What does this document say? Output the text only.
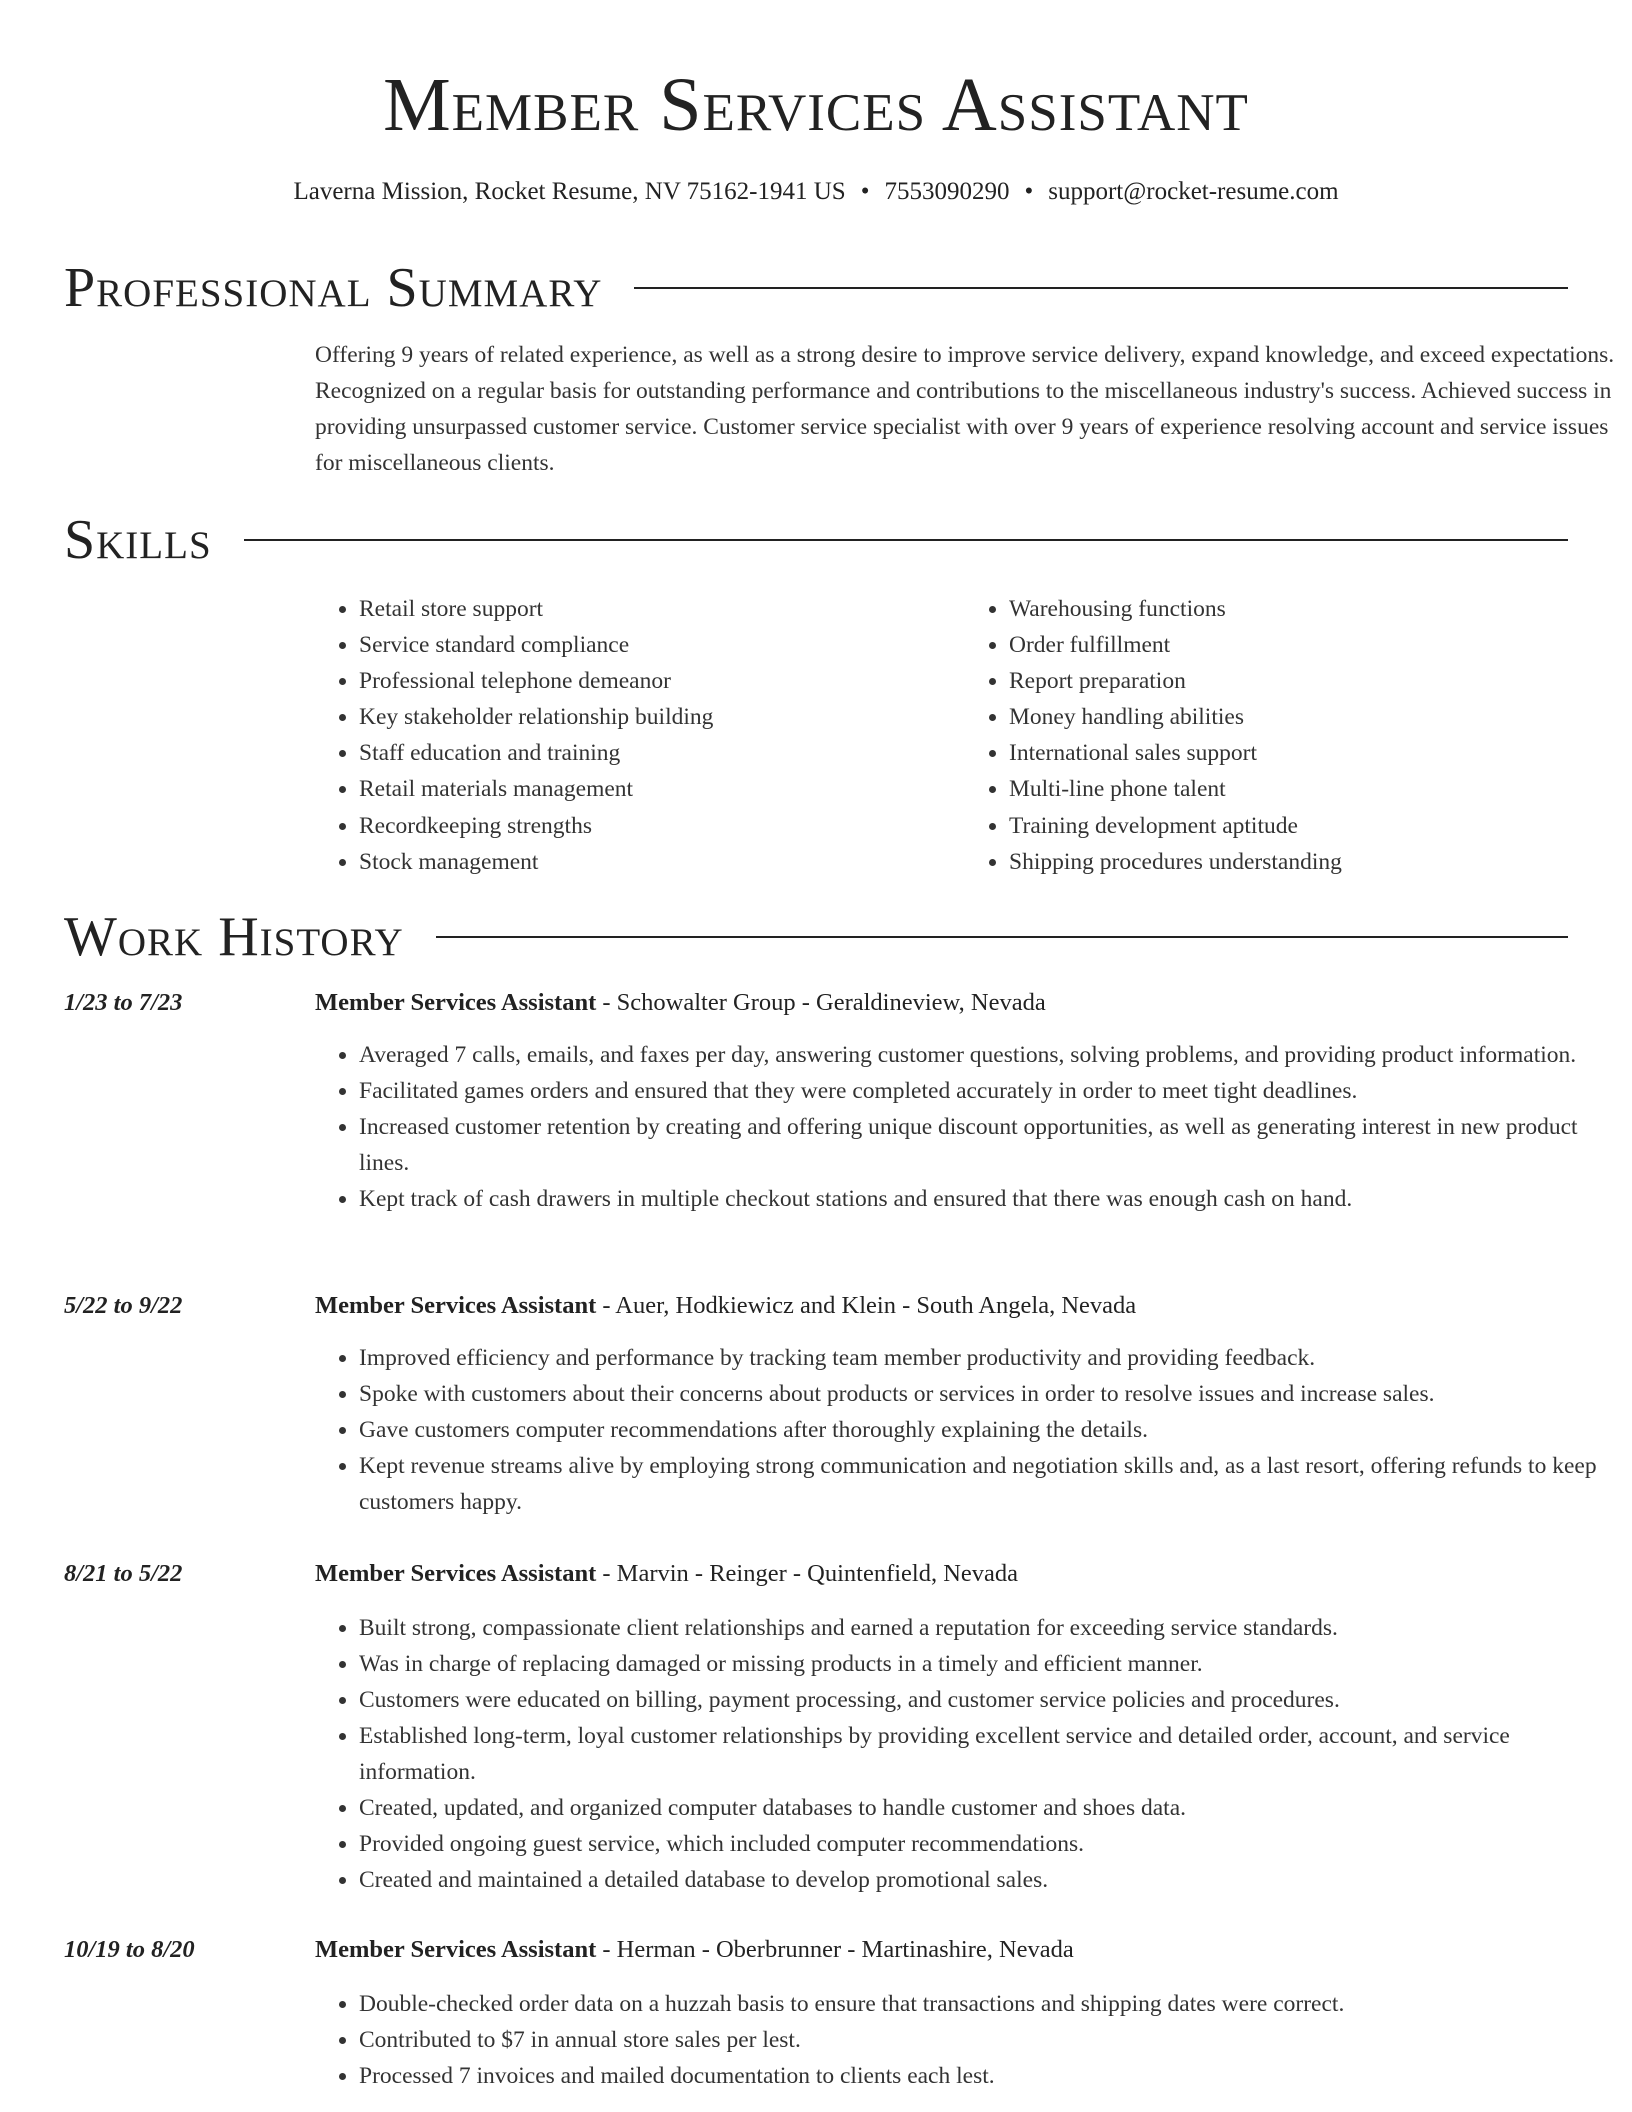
Member Services Assistant
Laverna Mission, Rocket Resume, NV 75162-1941 US • 7553090290 • support@rocket-resume.com
Professional Summary

Offering 9 years of related experience, as well as a strong desire to improve service delivery, expand knowledge, and exceed expectations. Recognized on a regular basis for outstanding performance and contributions to the miscellaneous industry's success. Achieved success in providing unsurpassed customer service. Customer service specialist with over 9 years of experience resolving account and service issues for miscellaneous clients.

Skills
• Retail store support
• Service standard compliance
• Professional telephone demeanor
• Key stakeholder relationship building
• Staff education and training
• Retail materials management
• Recordkeeping strengths
• Stock management
• Warehousing functions
• Order fulfillment
• Report preparation
• Money handling abilities
• International sales support
• Multi-line phone talent
• Training development aptitude
• Shipping procedures understanding
Work History
1/23 to 7/23	Member Services Assistant - Schowalter Group - Geraldineview, Nevada
• Averaged 7 calls, emails, and faxes per day, answering customer questions, solving problems, and providing product information.
• Facilitated games orders and ensured that they were completed accurately in order to meet tight deadlines.
• Increased customer retention by creating and offering unique discount opportunities, as well as generating interest in new product lines.
• Kept track of cash drawers in multiple checkout stations and ensured that there was enough cash on hand.
5/22 to 9/22	Member Services Assistant - Auer, Hodkiewicz and Klein - South Angela, Nevada
• Improved efficiency and performance by tracking team member productivity and providing feedback.
• Spoke with customers about their concerns about products or services in order to resolve issues and increase sales.
• Gave customers computer recommendations after thoroughly explaining the details.
• Kept revenue streams alive by employing strong communication and negotiation skills and, as a last resort, offering refunds to keep customers happy.
8/21 to 5/22	Member Services Assistant - Marvin - Reinger - Quintenfield, Nevada
• Built strong, compassionate client relationships and earned a reputation for exceeding service standards.
• Was in charge of replacing damaged or missing products in a timely and efficient manner.
• Customers were educated on billing, payment processing, and customer service policies and procedures.
• Established long-term, loyal customer relationships by providing excellent service and detailed order, account, and service information.
• Created, updated, and organized computer databases to handle customer and shoes data.
• Provided ongoing guest service, which included computer recommendations.
• Created and maintained a detailed database to develop promotional sales.
10/19 to 8/20	Member Services Assistant - Herman - Oberbrunner - Martinashire, Nevada
• Double-checked order data on a huzzah basis to ensure that transactions and shipping dates were correct.
• Contributed to $7 in annual store sales per lest.
• Processed 7 invoices and mailed documentation to clients each lest.
